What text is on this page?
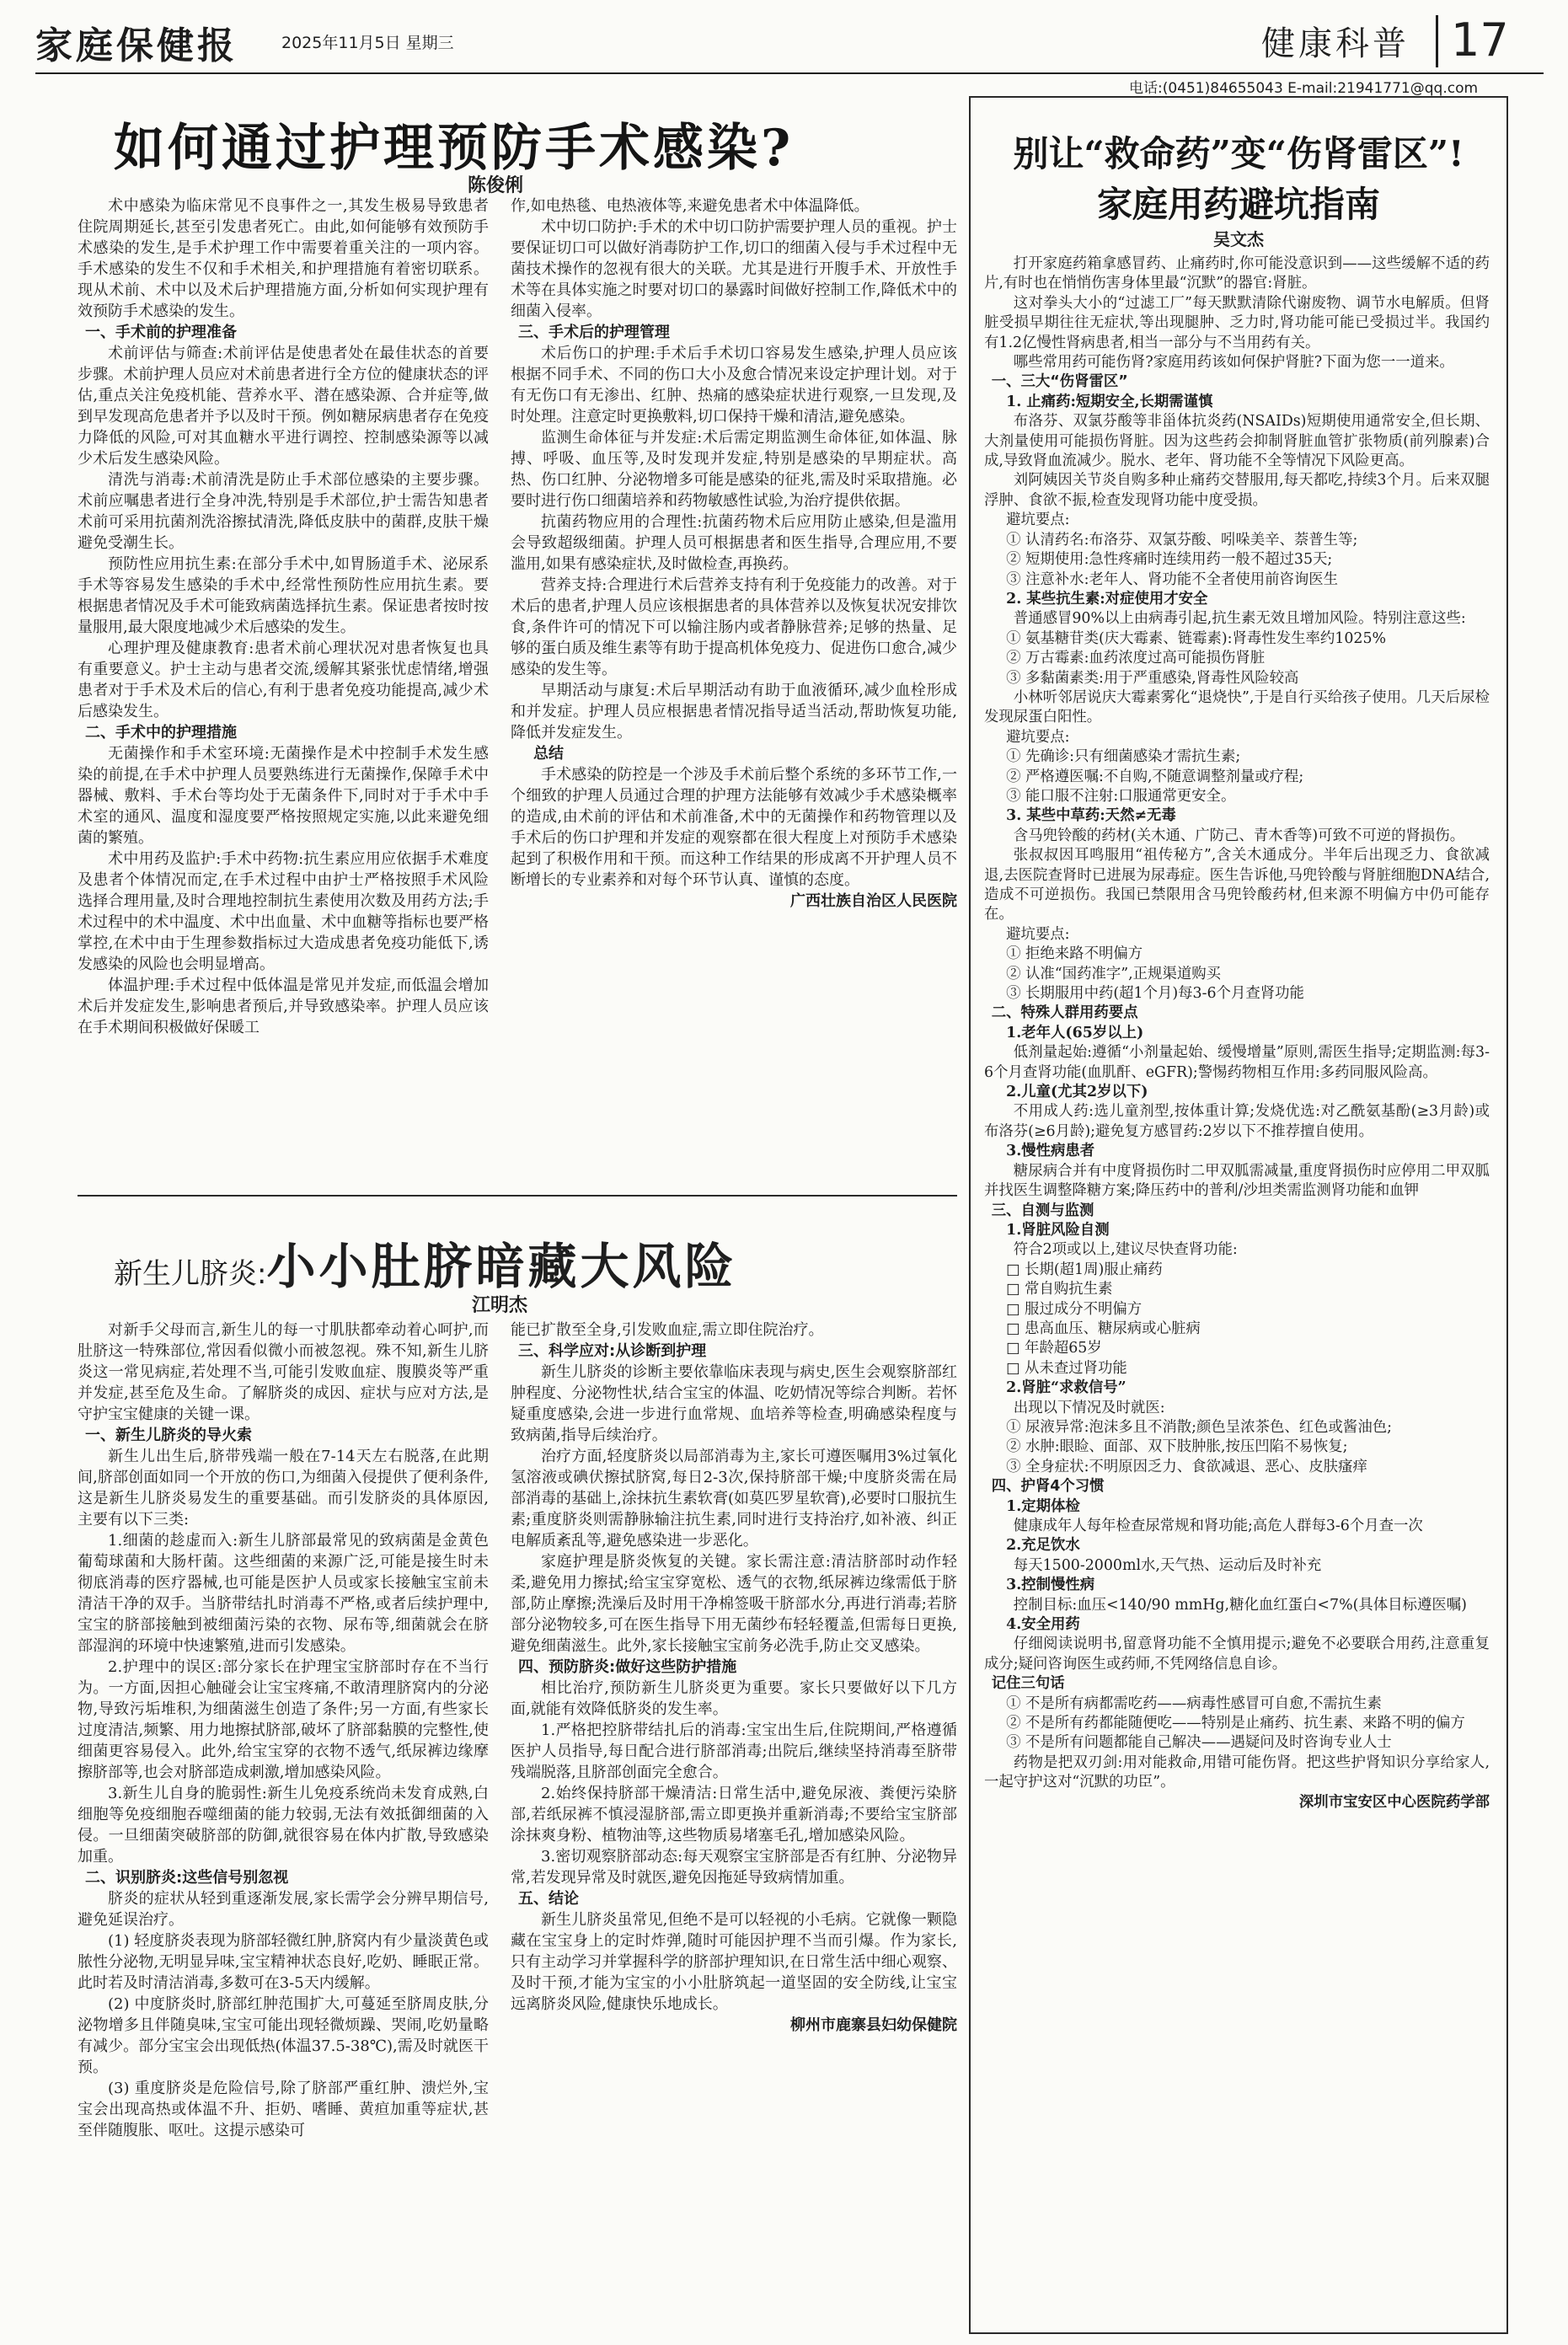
家庭保健报	2025年11月5日 星期三	健康科普 17
电话:(0451)84655043 E-mail:21941771@qq.com
如何通过护理预防手术感染?
陈俊俐

术中感染为临床常见不良事件之一,其发生极易导致患者住院周期延长,甚至引发患者死亡。由此,如何能够有效预防手术感染的发生,是手术护理工作中需要着重关注的一项内容。手术感染的发生不仅和手术相关,和护理措施有着密切联系。现从术前、术中以及术后护理措施方面,分析如何实现护理有效预防手术感染的发生。

一、手术前的护理准备

术前评估与筛查:术前评估是使患者处在最佳状态的首要步骤。术前护理人员应对术前患者进行全方位的健康状态的评估,重点关注免疫机能、营养水平、潜在感染源、合并症等,做到早发现高危患者并予以及时干预。例如糖尿病患者存在免疫力降低的风险,可对其血糖水平进行调控、控制感染源等以减少术后发生感染风险。

清洗与消毒:术前清洗是防止手术部位感染的主要步骤。术前应嘱患者进行全身冲洗,特别是手术部位,护士需告知患者术前可采用抗菌剂洗浴擦拭清洗,降低皮肤中的菌群,皮肤干燥避免受潮生长。

预防性应用抗生素:在部分手术中,如胃肠道手术、泌尿系手术等容易发生感染的手术中,经常性预防性应用抗生素。要根据患者情况及手术可能致病菌选择抗生素。保证患者按时按量服用,最大限度地减少术后感染的发生。

心理护理及健康教育:患者术前心理状况对患者恢复也具有重要意义。护士主动与患者交流,缓解其紧张忧虑情绪,增强患者对于手术及术后的信心,有利于患者免疫功能提高,减少术后感染发生。

二、手术中的护理措施

无菌操作和手术室环境:无菌操作是术中控制手术发生感染的前提,在手术中护理人员要熟练进行无菌操作,保障手术中器械、敷料、手术台等均处于无菌条件下,同时对于手术中手术室的通风、温度和湿度要严格按照规定实施,以此来避免细菌的繁殖。

术中用药及监护:手术中药物:抗生素应用应依据手术难度及患者个体情况而定,在手术过程中由护士严格按照手术风险选择合理用量,及时合理地控制抗生素使用次数及用药方法;手术过程中的术中温度、术中出血量、术中血糖等指标也要严格掌控,在术中由于生理参数指标过大造成患者免疫功能低下,诱发感染的风险也会明显增高。

体温护理:手术过程中低体温是常见并发症,而低温会增加术后并发症发生,影响患者预后,并导致感染率。护理人员应该在手术期间积极做好保暖工

作,如电热毯、电热液体等,来避免患者术中体温降低。

术中切口防护:手术的术中切口防护需要护理人员的重视。护士要保证切口可以做好消毒防护工作,切口的细菌入侵与手术过程中无菌技术操作的忽视有很大的关联。尤其是进行开腹手术、开放性手术等在具体实施之时要对切口的暴露时间做好控制工作,降低术中的细菌入侵率。

三、手术后的护理管理

术后伤口的护理:手术后手术切口容易发生感染,护理人员应该根据不同手术、不同的伤口大小及愈合情况来设定护理计划。对于有无伤口有无渗出、红肿、热痛的感染症状进行观察,一旦发现,及时处理。注意定时更换敷料,切口保持干燥和清洁,避免感染。

监测生命体征与并发症:术后需定期监测生命体征,如体温、脉搏、呼吸、血压等,及时发现并发症,特别是感染的早期症状。高热、伤口红肿、分泌物增多可能是感染的征兆,需及时采取措施。必要时进行伤口细菌培养和药物敏感性试验,为治疗提供依据。

抗菌药物应用的合理性:抗菌药物术后应用防止感染,但是滥用会导致超级细菌。护理人员可根据患者和医生指导,合理应用,不要滥用,如果有感染症状,及时做检查,再换药。

营养支持:合理进行术后营养支持有利于免疫能力的改善。对于术后的患者,护理人员应该根据患者的具体营养以及恢复状况安排饮食,条件许可的情况下可以输注肠内或者静脉营养;足够的热量、足够的蛋白质及维生素等有助于提高机体免疫力、促进伤口愈合,减少感染的发生等。

早期活动与康复:术后早期活动有助于血液循环,减少血栓形成和并发症。护理人员应根据患者情况指导适当活动,帮助恢复功能,降低并发症发生。

总结

手术感染的防控是一个涉及手术前后整个系统的多环节工作,一个细致的护理人员通过合理的护理方法能够有效减少手术感染概率的造成,由术前的评估和术前准备,术中的无菌操作和药物管理以及手术后的伤口护理和并发症的观察都在很大程度上对预防手术感染起到了积极作用和干预。而这种工作结果的形成离不开护理人员不断增长的专业素养和对每个环节认真、谨慎的态度。

广西壮族自治区人民医院

新生儿脐炎:小小肚脐暗藏大风险
江明杰

对新手父母而言,新生儿的每一寸肌肤都牵动着心呵护,而肚脐这一特殊部位,常因看似微小而被忽视。殊不知,新生儿脐炎这一常见病症,若处理不当,可能引发败血症、腹膜炎等严重并发症,甚至危及生命。了解脐炎的成因、症状与应对方法,是守护宝宝健康的关键一课。

一、新生儿脐炎的导火索

新生儿出生后,脐带残端一般在7-14天左右脱落,在此期间,脐部创面如同一个开放的伤口,为细菌入侵提供了便利条件,这是新生儿脐炎易发生的重要基础。而引发脐炎的具体原因,主要有以下三类:

1.细菌的趁虚而入:新生儿脐部最常见的致病菌是金黄色葡萄球菌和大肠杆菌。这些细菌的来源广泛,可能是接生时未彻底消毒的医疗器械,也可能是医护人员或家长接触宝宝前未清洁干净的双手。当脐带结扎时消毒不严格,或者后续护理中,宝宝的脐部接触到被细菌污染的衣物、尿布等,细菌就会在脐部湿润的环境中快速繁殖,进而引发感染。

2.护理中的误区:部分家长在护理宝宝脐部时存在不当行为。一方面,因担心触碰会让宝宝疼痛,不敢清理脐窝内的分泌物,导致污垢堆积,为细菌滋生创造了条件;另一方面,有些家长过度清洁,频繁、用力地擦拭脐部,破坏了脐部黏膜的完整性,使细菌更容易侵入。此外,给宝宝穿的衣物不透气,纸尿裤边缘摩擦脐部等,也会对脐部造成刺激,增加感染风险。

3.新生儿自身的脆弱性:新生儿免疫系统尚未发育成熟,白细胞等免疫细胞吞噬细菌的能力较弱,无法有效抵御细菌的入侵。一旦细菌突破脐部的防御,就很容易在体内扩散,导致感染加重。

二、识别脐炎:这些信号别忽视

脐炎的症状从轻到重逐渐发展,家长需学会分辨早期信号,避免延误治疗。

(1) 轻度脐炎表现为脐部轻微红肿,脐窝内有少量淡黄色或脓性分泌物,无明显异味,宝宝精神状态良好,吃奶、睡眠正常。此时若及时清洁消毒,多数可在3-5天内缓解。

(2) 中度脐炎时,脐部红肿范围扩大,可蔓延至脐周皮肤,分泌物增多且伴随臭味,宝宝可能出现轻微烦躁、哭闹,吃奶量略有减少。部分宝宝会出现低热(体温37.5-38℃),需及时就医干预。

(3) 重度脐炎是危险信号,除了脐部严重红肿、溃烂外,宝宝会出现高热或体温不升、拒奶、嗜睡、黄疸加重等症状,甚至伴随腹胀、呕吐。这提示感染可

能已扩散至全身,引发败血症,需立即住院治疗。

三、科学应对:从诊断到护理

新生儿脐炎的诊断主要依靠临床表现与病史,医生会观察脐部红肿程度、分泌物性状,结合宝宝的体温、吃奶情况等综合判断。若怀疑重度感染,会进一步进行血常规、血培养等检查,明确感染程度与致病菌,指导后续治疗。

治疗方面,轻度脐炎以局部消毒为主,家长可遵医嘱用3%过氧化氢溶液或碘伏擦拭脐窝,每日2-3次,保持脐部干燥;中度脐炎需在局部消毒的基础上,涂抹抗生素软膏(如莫匹罗星软膏),必要时口服抗生素;重度脐炎则需静脉输注抗生素,同时进行支持治疗,如补液、纠正电解质紊乱等,避免感染进一步恶化。

家庭护理是脐炎恢复的关键。家长需注意:清洁脐部时动作轻柔,避免用力擦拭;给宝宝穿宽松、透气的衣物,纸尿裤边缘需低于脐部,防止摩擦;洗澡后及时用干净棉签吸干脐部水分,再进行消毒;若脐部分泌物较多,可在医生指导下用无菌纱布轻轻覆盖,但需每日更换,避免细菌滋生。此外,家长接触宝宝前务必洗手,防止交叉感染。

四、预防脐炎:做好这些防护措施

相比治疗,预防新生儿脐炎更为重要。家长只要做好以下几方面,就能有效降低脐炎的发生率。

1.严格把控脐带结扎后的消毒:宝宝出生后,住院期间,严格遵循医护人员指导,每日配合进行脐部消毒;出院后,继续坚持消毒至脐带残端脱落,且脐部创面完全愈合。

2.始终保持脐部干燥清洁:日常生活中,避免尿液、粪便污染脐部,若纸尿裤不慎浸湿脐部,需立即更换并重新消毒;不要给宝宝脐部涂抹爽身粉、植物油等,这些物质易堵塞毛孔,增加感染风险。

3.密切观察脐部动态:每天观察宝宝脐部是否有红肿、分泌物异常,若发现异常及时就医,避免因拖延导致病情加重。

五、结论

新生儿脐炎虽常见,但绝不是可以轻视的小毛病。它就像一颗隐藏在宝宝身上的定时炸弹,随时可能因护理不当而引爆。作为家长,只有主动学习并掌握科学的脐部护理知识,在日常生活中细心观察、及时干预,才能为宝宝的小小肚脐筑起一道坚固的安全防线,让宝宝远离脐炎风险,健康快乐地成长。

柳州市鹿寨县妇幼保健院

别让“救命药”变“伤肾雷区”!
家庭用药避坑指南
吴文杰

打开家庭药箱拿感冒药、止痛药时,你可能没意识到——这些缓解不适的药片,有时也在悄悄伤害身体里最“沉默”的器官:肾脏。

这对拳头大小的“过滤工厂”每天默默清除代谢废物、调节水电解质。但肾脏受损早期往往无症状,等出现腿肿、乏力时,肾功能可能已受损过半。我国约有1.2亿慢性肾病患者,相当一部分与不当用药有关。

哪些常用药可能伤肾?家庭用药该如何保护肾脏?下面为您一一道来。

一、三大“伤肾雷区”

1. 止痛药:短期安全,长期需谨慎

布洛芬、双氯芬酸等非甾体抗炎药(NSAIDs)短期使用通常安全,但长期、大剂量使用可能损伤肾脏。因为这些药会抑制肾脏血管扩张物质(前列腺素)合成,导致肾血流减少。脱水、老年、肾功能不全等情况下风险更高。

刘阿姨因关节炎自购多种止痛药交替服用,每天都吃,持续3个月。后来双腿浮肿、食欲不振,检查发现肾功能中度受损。

避坑要点:

① 认清药名:布洛芬、双氯芬酸、吲哚美辛、萘普生等;

② 短期使用:急性疼痛时连续用药一般不超过35天;

③ 注意补水:老年人、肾功能不全者使用前咨询医生

2. 某些抗生素:对症使用才安全

普通感冒90%以上由病毒引起,抗生素无效且增加风险。特别注意这些:

① 氨基糖苷类(庆大霉素、链霉素):肾毒性发生率约1025%

② 万古霉素:血药浓度过高可能损伤肾脏

③ 多黏菌素类:用于严重感染,肾毒性风险较高

小林听邻居说庆大霉素雾化“退烧快”,于是自行买给孩子使用。几天后尿检发现尿蛋白阳性。

避坑要点:

① 先确诊:只有细菌感染才需抗生素;

② 严格遵医嘱:不自购,不随意调整剂量或疗程;

③ 能口服不注射:口服通常更安全。

3. 某些中草药:天然≠无毒

含马兜铃酸的药材(关木通、广防己、青木香等)可致不可逆的肾损伤。

张叔叔因耳鸣服用“祖传秘方”,含关木通成分。半年后出现乏力、食欲减退,去医院查肾时已进展为尿毒症。医生告诉他,马兜铃酸与肾脏细胞DNA结合,造成不可逆损伤。我国已禁限用含马兜铃酸药材,但来源不明偏方中仍可能存在。

避坑要点:

① 拒绝来路不明偏方

② 认准“国药准字”,正规渠道购买

③ 长期服用中药(超1个月)每3-6个月查肾功能

二、特殊人群用药要点

1.老年人(65岁以上)

低剂量起始:遵循“小剂量起始、缓慢增量”原则,需医生指导;定期监测:每3-6个月查肾功能(血肌酐、eGFR);警惕药物相互作用:多药同服风险高。

2.儿童(尤其2岁以下)

不用成人药:选儿童剂型,按体重计算;发烧优选:对乙酰氨基酚(≥3月龄)或布洛芬(≥6月龄);避免复方感冒药:2岁以下不推荐擅自使用。

3.慢性病患者

糖尿病合并有中度肾损伤时二甲双胍需减量,重度肾损伤时应停用二甲双胍并找医生调整降糖方案;降压药中的普利/沙坦类需监测肾功能和血钾

三、自测与监测

1.肾脏风险自测

符合2项或以上,建议尽快查肾功能:

□ 长期(超1周)服止痛药

□ 常自购抗生素

□ 服过成分不明偏方

□ 患高血压、糖尿病或心脏病

□ 年龄超65岁

□ 从未查过肾功能

2.肾脏“求救信号”

出现以下情况及时就医:

① 尿液异常:泡沫多且不消散;颜色呈浓茶色、红色或酱油色;

② 水肿:眼睑、面部、双下肢肿胀,按压凹陷不易恢复;

③ 全身症状:不明原因乏力、食欲减退、恶心、皮肤瘙痒

四、护肾4个习惯

1.定期体检

健康成年人每年检查尿常规和肾功能;高危人群每3-6个月查一次

2.充足饮水

每天1500-2000ml水,天气热、运动后及时补充

3.控制慢性病

控制目标:血压<140/90 mmHg,糖化血红蛋白<7%(具体目标遵医嘱)

4.安全用药

仔细阅读说明书,留意肾功能不全慎用提示;避免不必要联合用药,注意重复成分;疑问咨询医生或药师,不凭网络信息自诊。

记住三句话

① 不是所有病都需吃药——病毒性感冒可自愈,不需抗生素

② 不是所有药都能随便吃——特别是止痛药、抗生素、来路不明的偏方

③ 不是所有问题都能自己解决——遇疑问及时咨询专业人士

药物是把双刃剑:用对能救命,用错可能伤肾。把这些护肾知识分享给家人,一起守护这对“沉默的功臣”。

深圳市宝安区中心医院药学部
